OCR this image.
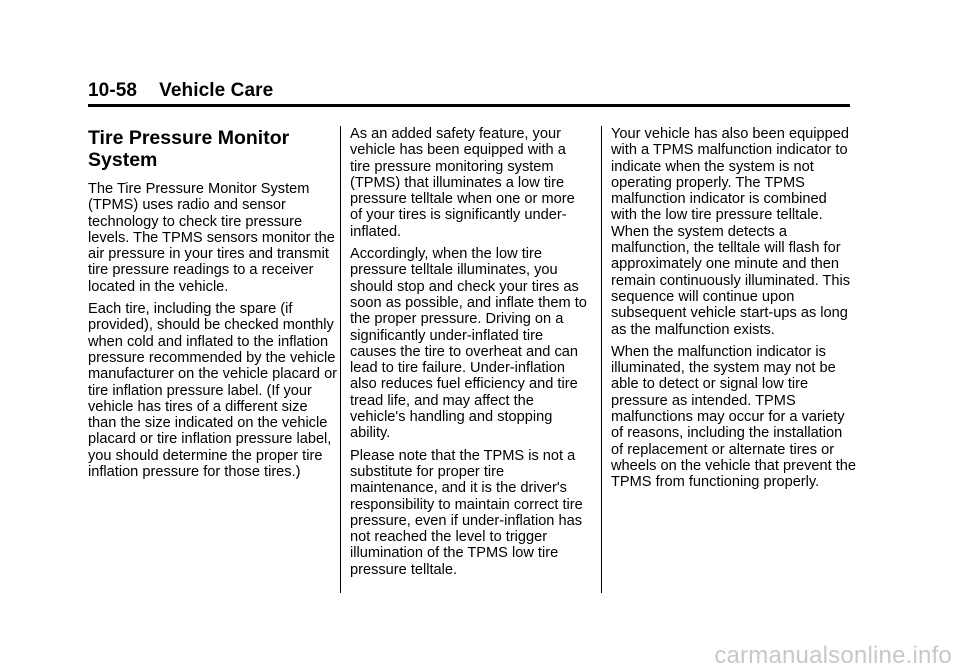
10-58 Vehicle Care
Tire Pressure Monitor System

The Tire Pressure Monitor System (TPMS) uses radio and sensor technology to check tire pressure levels. The TPMS sensors monitor the air pressure in your tires and transmit tire pressure readings to a receiver located in the vehicle.

Each tire, including the spare (if provided), should be checked monthly when cold and inflated to the inflation pressure recommended by the vehicle manufacturer on the vehicle placard or tire inflation pressure label. (If your vehicle has tires of a different size than the size indicated on the vehicle placard or tire inflation pressure label, you should determine the proper tire inflation pressure for those tires.)

As an added safety feature, your vehicle has been equipped with a tire pressure monitoring system (TPMS) that illuminates a low tire pressure telltale when one or more of your tires is significantly under-inflated.

Accordingly, when the low tire pressure telltale illuminates, you should stop and check your tires as soon as possible, and inflate them to the proper pressure. Driving on a significantly under-inflated tire causes the tire to overheat and can lead to tire failure. Under-inflation also reduces fuel efficiency and tire tread life, and may affect the vehicle's handling and stopping ability.

Please note that the TPMS is not a substitute for proper tire maintenance, and it is the driver's responsibility to maintain correct tire pressure, even if under-inflation has not reached the level to trigger illumination of the TPMS low tire pressure telltale.

Your vehicle has also been equipped with a TPMS malfunction indicator to indicate when the system is not operating properly. The TPMS malfunction indicator is combined with the low tire pressure telltale. When the system detects a malfunction, the telltale will flash for approximately one minute and then remain continuously illuminated. This sequence will continue upon subsequent vehicle start-ups as long as the malfunction exists.

When the malfunction indicator is illuminated, the system may not be able to detect or signal low tire pressure as intended. TPMS malfunctions may occur for a variety of reasons, including the installation of replacement or alternate tires or wheels on the vehicle that prevent the TPMS from functioning properly.

carmanualsonline.info
